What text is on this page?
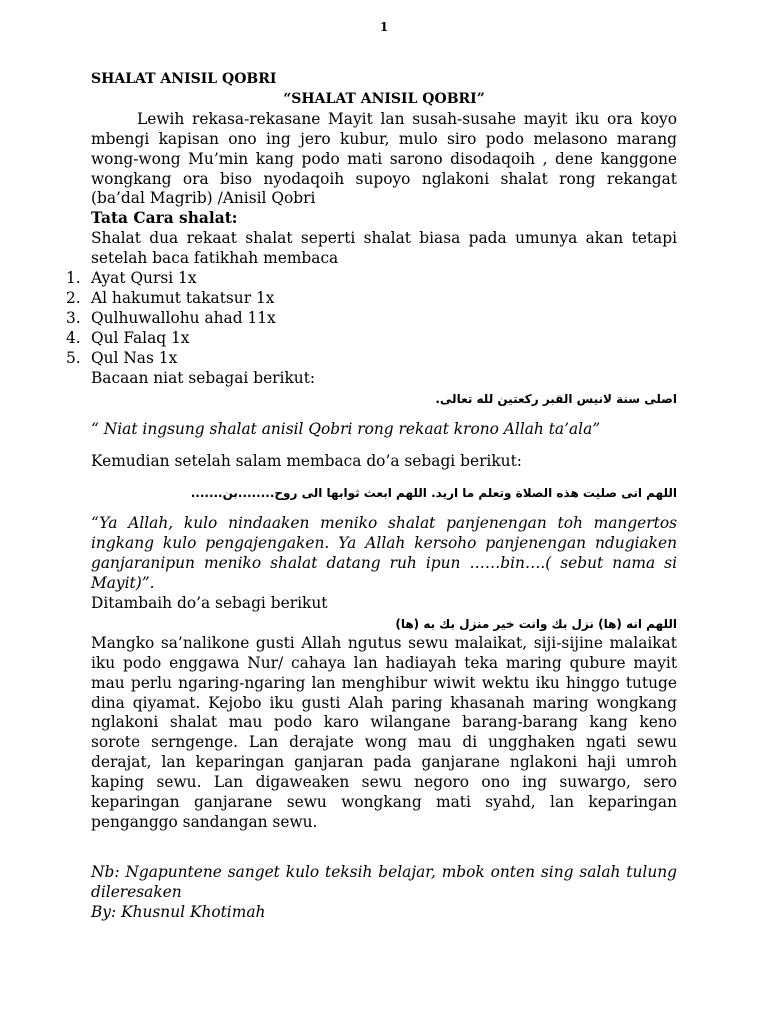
1
SHALAT ANISIL QOBRI
“SHALAT ANISIL QOBRI”

Lewih rekasa-rekasane Mayit lan susah-susahe mayit iku ora koyo mbengi kapisan ono ing jero kubur, mulo siro podo melasono marang wong-wong Mu’min kang podo mati sarono disodaqoih , dene kanggone wongkang ora biso nyodaqoih supoyo nglakoni shalat rong rekangat (ba’dal Magrib) /Anisil Qobri

Tata Cara shalat:

Shalat dua rekaat shalat seperti shalat biasa pada umunya akan tetapi setelah baca fatikhah membaca

1. Ayat Qursi 1x
2. Al hakumut takatsur 1x
3. Qulhuwallohu ahad 11x
4. Qul Falaq 1x
5. Qul Nas 1x

Bacaan niat sebagai berikut:

اصلى سنة لانيس القبر ركعتين لله تعالى.

“ Niat ingsung shalat anisil Qobri rong rekaat krono Allah ta’ala”

Kemudian setelah salam membaca do’a sebagi berikut:

اللهم انى صليت هذه الصلاة وتعلم ما اريد. اللهم ابعث ثوابها الى روح........بن.......

“Ya Allah, kulo nindaaken meniko shalat panjenengan toh mangertos ingkang kulo pengajengaken. Ya Allah kersoho panjenengan ndugiaken ganjaranipun meniko shalat datang ruh ipun ……bin….( sebut nama si Mayit)”.

Ditambaih do’a sebagi berikut

اللهم انه (ها) نزل بك وانت خير منزل بك به (ها)

Mangko sa’nalikone gusti Allah ngutus sewu malaikat, siji-sijine malaikat iku podo enggawa Nur/ cahaya lan hadiayah teka maring qubure mayit mau perlu ngaring-ngaring lan menghibur wiwit wektu iku hinggo tutuge dina qiyamat. Kejobo iku gusti Alah paring khasanah maring wongkang nglakoni shalat mau podo karo wilangane barang-barang kang keno sorote serngenge. Lan derajate wong mau di ungghaken ngati sewu derajat, lan keparingan ganjaran pada ganjarane nglakoni haji umroh kaping sewu. Lan digaweaken sewu negoro ono ing suwargo, sero keparingan ganjarane sewu wongkang mati syahd, lan keparingan penganggo sandangan sewu.

Nb: Ngapuntene sanget kulo teksih belajar, mbok onten sing salah tulung dileresaken

By: Khusnul Khotimah
